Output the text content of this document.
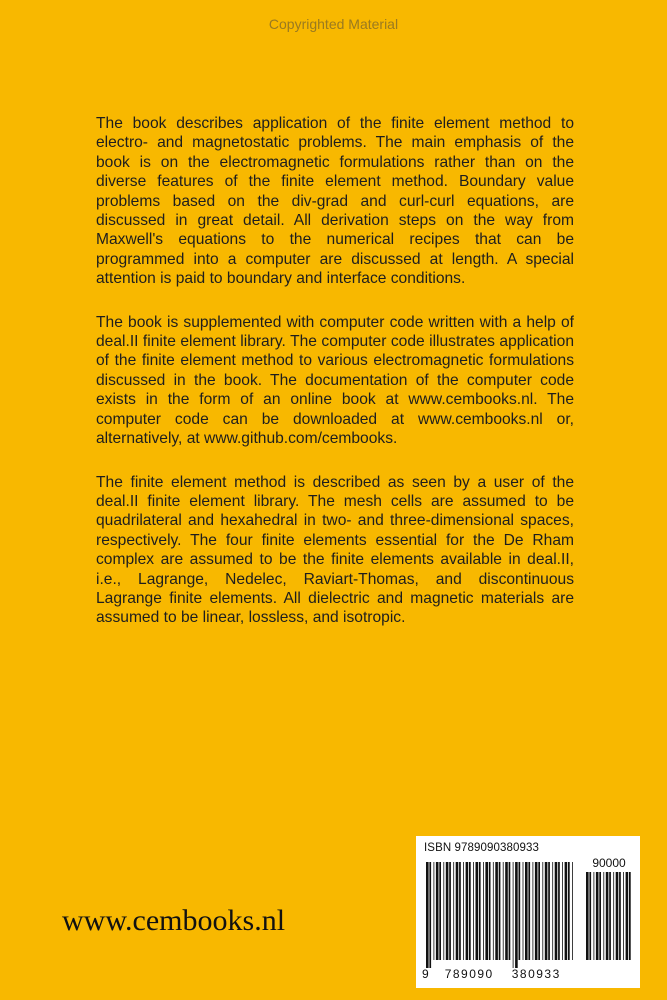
Copyrighted Material

The book describes application of the finite element method to electro- and magnetostatic problems. The main emphasis of the book is on the electromagnetic formulations rather than on the diverse features of the finite element method. Boundary value problems based on the div-grad and curl-curl equations, are discussed in great detail. All derivation steps on the way from Maxwell's equations to the numerical recipes that can be programmed into a computer are discussed at length. A special attention is paid to boundary and interface conditions.

The book is supplemented with computer code written with a help of deal.II finite element library. The computer code illustrates application of the finite element method to various electromagnetic formulations discussed in the book. The documentation of the computer code exists in the form of an online book at www.cembooks.nl. The computer code can be downloaded at www.cembooks.nl or, alternatively, at www.github.com/cembooks.

The finite element method is described as seen by a user of the deal.II finite element library. The mesh cells are assumed to be quadrilateral and hexahedral in two- and three-dimensional spaces, respectively. The four finite elements essential for the De Rham complex are assumed to be the finite elements available in deal.II, i.e., Lagrange, Nedelec, Raviart-Thomas, and discontinuous Lagrange finite elements. All dielectric and magnetic materials are assumed to be linear, lossless, and isotropic.

ISBN 9789090380933
90000
9 789090 380933
www.cembooks.nl
